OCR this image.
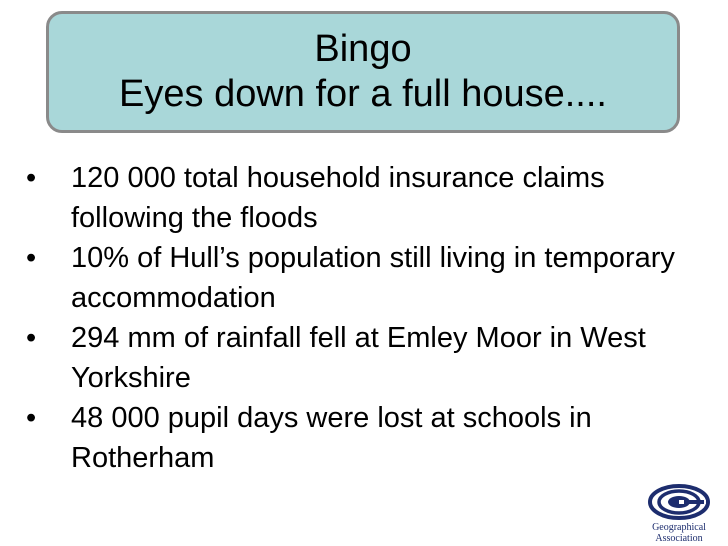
Bingo
Eyes down for a full house....
• 120 000 total household insurance claims following the floods
• 10% of Hull’s population still living in temporary accommodation
• 294 mm of rainfall fell at Emley Moor in West Yorkshire
• 48 000 pupil days were lost at schools in Rotherham
Geographical
Association
